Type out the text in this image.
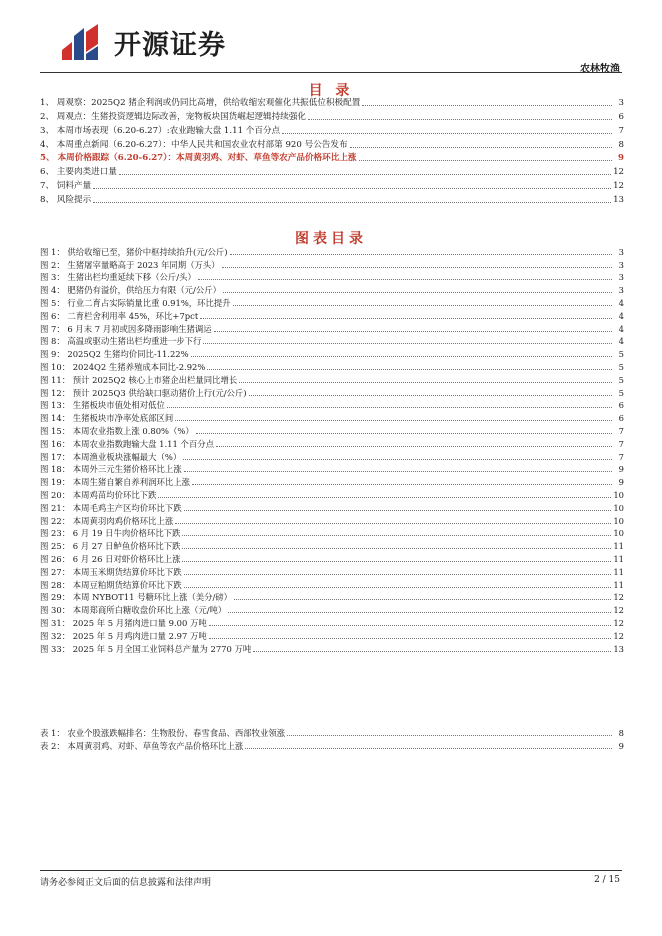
开源证券
农林牧渔
目 录
1、 周观察：2025Q2 猪企利润或仍同比高增，供给收缩宏观催化共振低位积极配置	3
2、 周观点：生猪投资逻辑边际改善，宠物板块国货崛起逻辑持续强化	6
3、 本周市场表现（6.20-6.27）:农业跑输大盘 1.11 个百分点	7
4、 本周重点新闻（6.20-6.27）：中华人民共和国农业农村部第 920 号公告发布	8
5、 本周价格跟踪（6.20-6.27）：本周黄羽鸡、对虾、草鱼等农产品价格环比上涨	9
6、 主要肉类进口量	12
7、 饲料产量	12
8、 风险提示	13
图表目录
图 1： 供给收缩已至，猪价中枢持续抬升(元/公斤)	3
图 2： 生猪屠宰量略高于 2023 年同期（万头）	3
图 3： 生猪出栏均重延续下移（公斤/头）	3
图 4： 肥猪仍有溢价，供给压力有限（元/公斤）	3
图 5： 行业二育占实际销量比重 0.91%，环比提升	4
图 6： 二育栏舍利用率 45%，环比+7pct	4
图 7： 6 月末 7 月初或因多降雨影响生猪调运	4
图 8： 高温或驱动生猪出栏均重进一步下行	4
图 9： 2025Q2 生猪均价同比-11.22%	5
图 10： 2024Q2 生猪养殖成本同比-2.92%	5
图 11： 预计 2025Q2 核心上市猪企出栏量同比增长	5
图 12： 预计 2025Q3 供给缺口驱动猪价上行(元/公斤)	5
图 13： 生猪板块市值处相对低位	6
图 14： 生猪板块市净率处底部区间	6
图 15： 本周农业指数上涨 0.80%（%）	7
图 16： 本周农业指数跑输大盘 1.11 个百分点	7
图 17： 本周渔业板块涨幅最大（%）	7
图 18： 本周外三元生猪价格环比上涨	9
图 19： 本周生猪自繁自养利润环比上涨	9
图 20： 本周鸡苗均价环比下跌	10
图 21： 本周毛鸡主产区均价环比下跌	10
图 22： 本周黄羽肉鸡价格环比上涨	10
图 23： 6 月 19 日牛肉价格环比下跌	10
图 25： 6 月 27 日鲈鱼价格环比下跌	11
图 26： 6 月 26 日对虾价格环比上涨	11
图 27： 本周玉米期货结算价环比下跌	11
图 28： 本周豆粕期货结算价环比下跌	11
图 29： 本周 NYBOT11 号糖环比上涨（美分/磅）	12
图 30： 本周郑商所白糖收盘价环比上涨（元/吨）	12
图 31： 2025 年 5 月猪肉进口量 9.00 万吨	12
图 32： 2025 年 5 月鸡肉进口量 2.97 万吨	12
图 33： 2025 年 5 月全国工业饲料总产量为 2770 万吨	13
表 1： 农业个股涨跌幅排名：生物股份、春雪食品、西部牧业领涨	8
表 2： 本周黄羽鸡、对虾、草鱼等农产品价格环比上涨	9
请务必参阅正文后面的信息披露和法律声明	2 / 15
